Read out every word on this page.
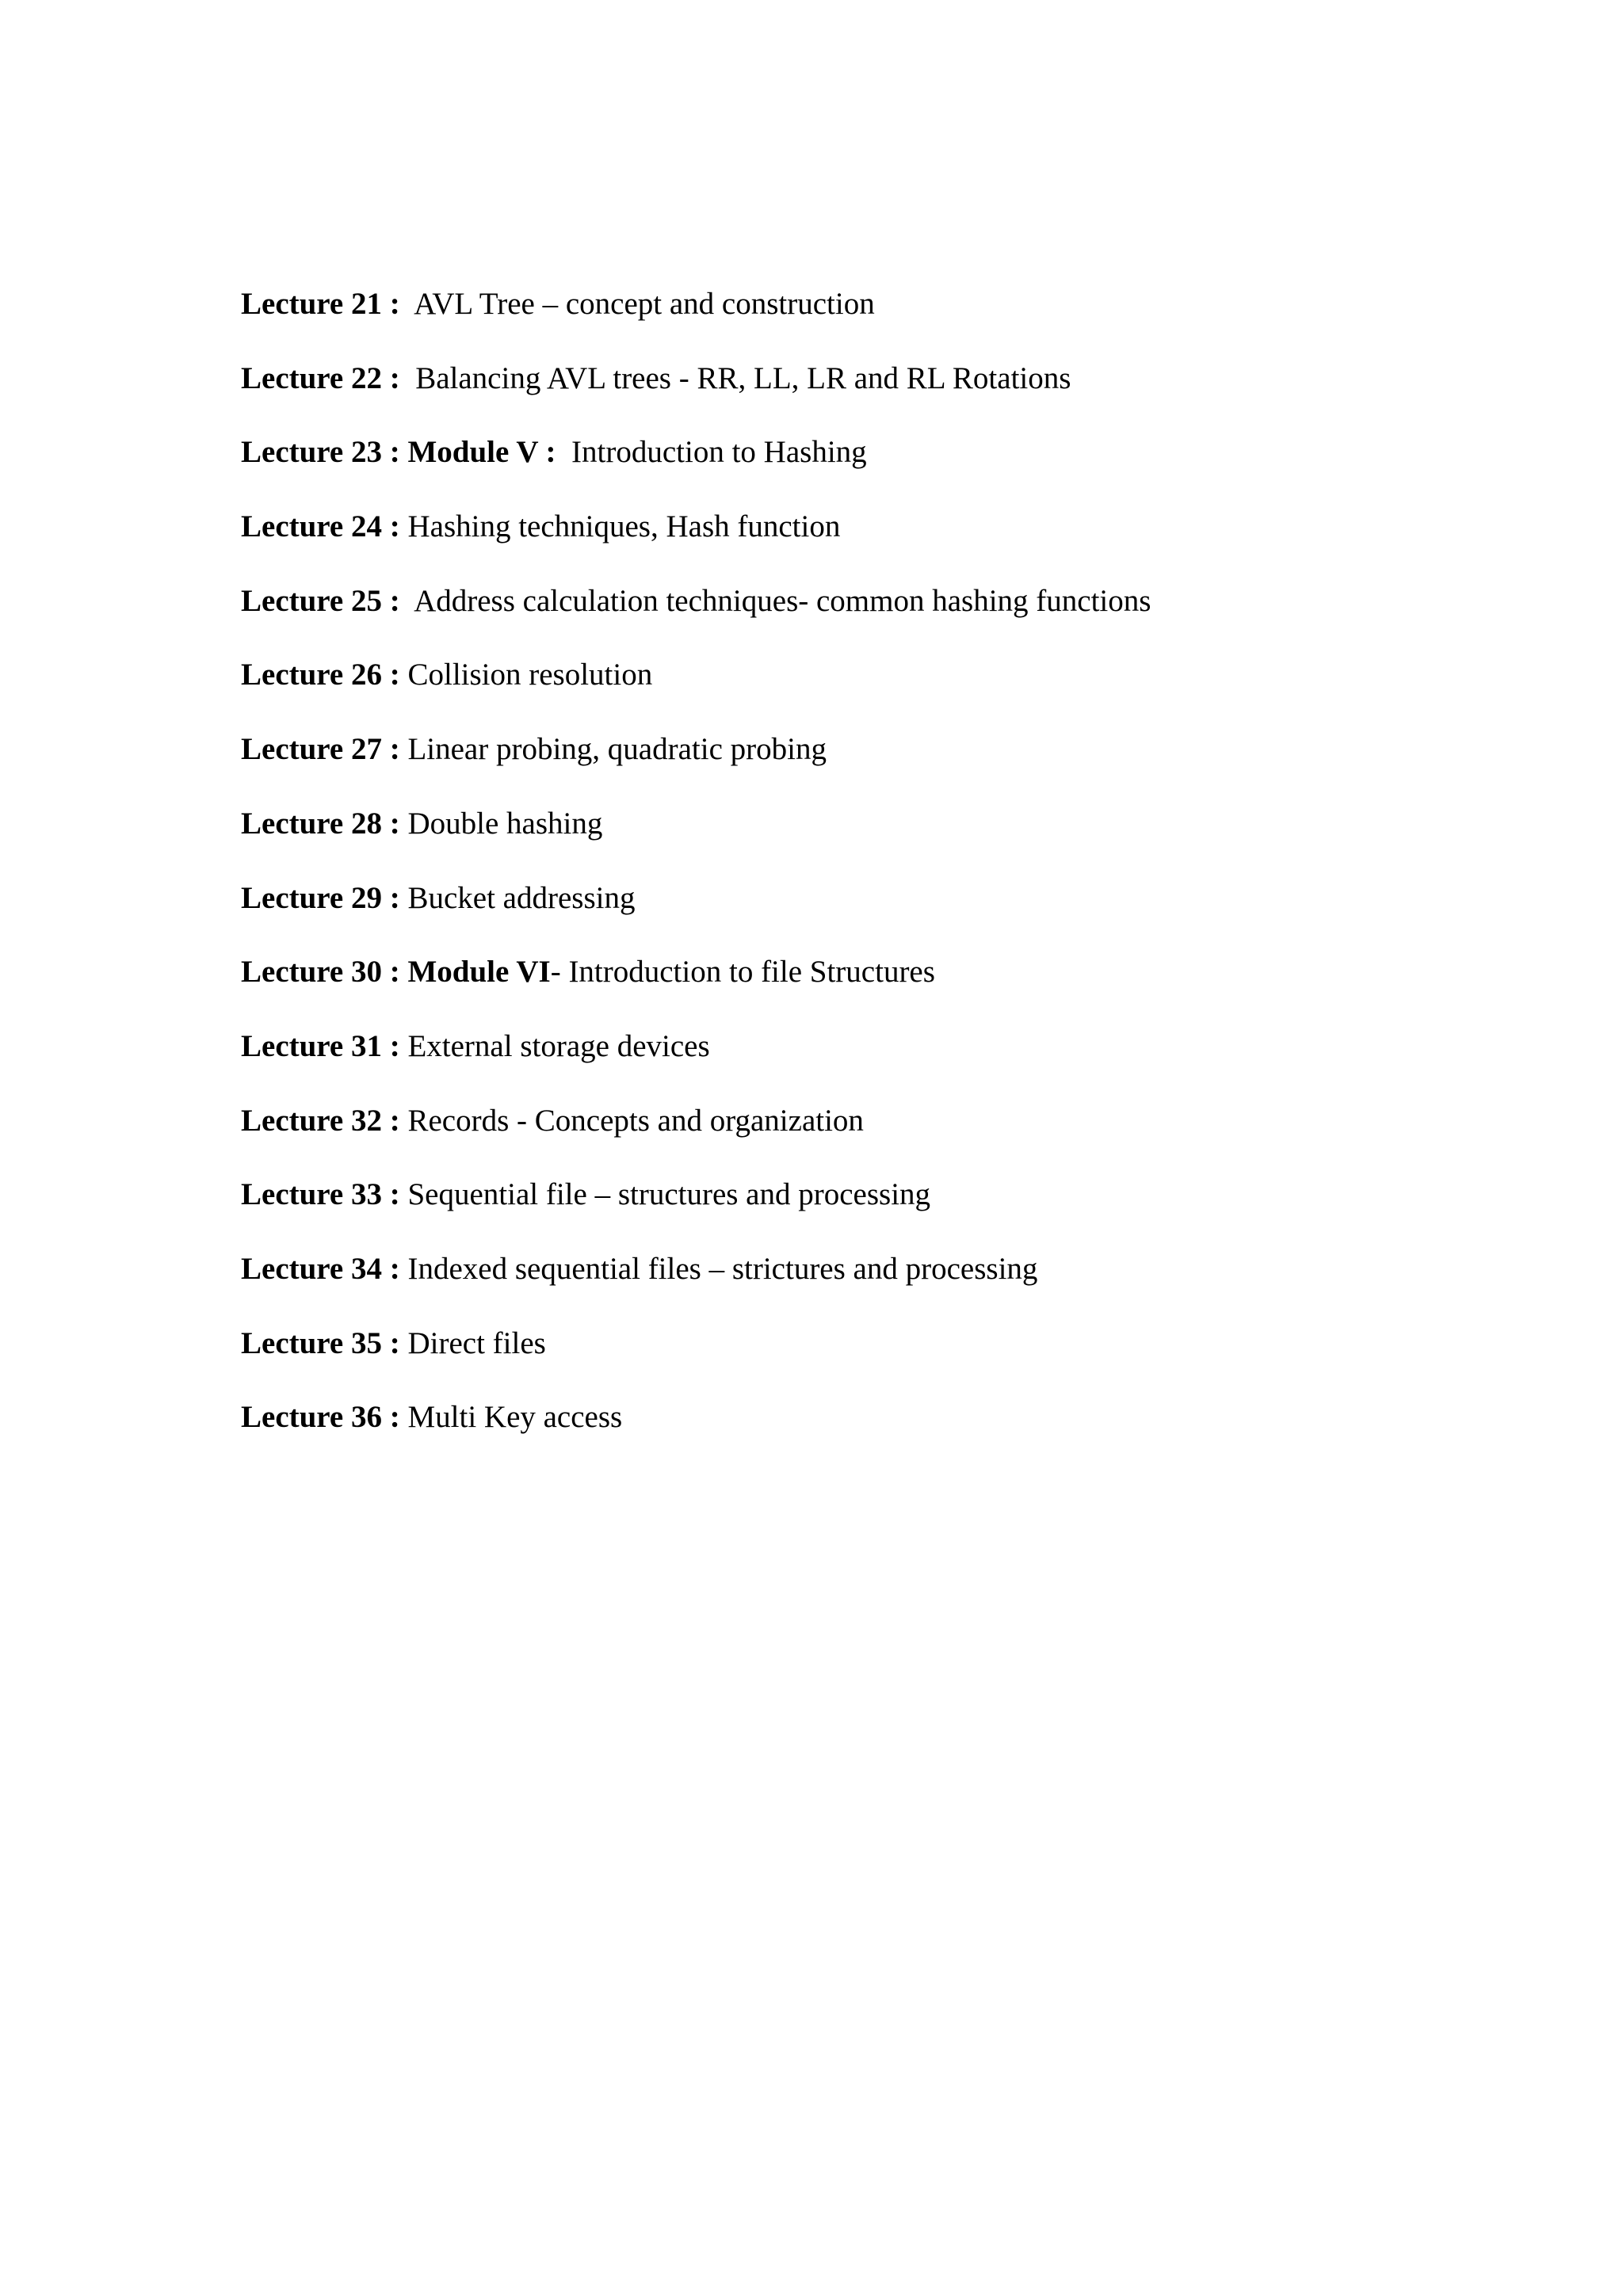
Lecture 21 :  AVL Tree – concept and construction
Lecture 22 :  Balancing AVL trees - RR, LL, LR and RL Rotations
Lecture 23 : Module V :  Introduction to Hashing
Lecture 24 : Hashing techniques, Hash function
Lecture 25 :  Address calculation techniques- common hashing functions
Lecture 26 : Collision resolution
Lecture 27 : Linear probing, quadratic probing
Lecture 28 : Double hashing
Lecture 29 : Bucket addressing
Lecture 30 : Module VI- Introduction to file Structures
Lecture 31 : External storage devices
Lecture 32 : Records - Concepts and organization
Lecture 33 : Sequential file – structures and processing
Lecture 34 : Indexed sequential files – strictures and processing
Lecture 35 : Direct files
Lecture 36 : Multi Key access
